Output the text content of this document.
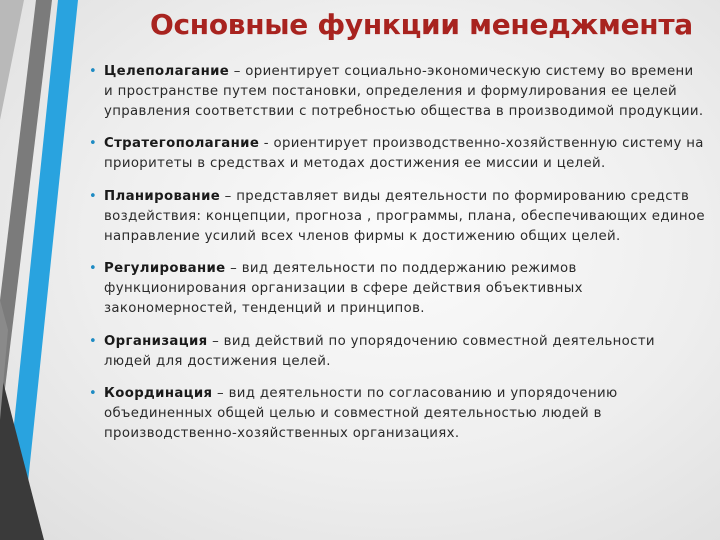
Основные функции менеджмента
• Целеполагание – ориентирует социально-экономическую систему во времени и пространстве путем постановки, определения и формулирования ее целей управления соответствии с потребностью общества в производимой продукции.
• Стратегополагание - ориентирует производственно-хозяйственную систему на приоритеты в средствах и методах достижения ее миссии и целей.
• Планирование – представляет виды деятельности по формированию средств воздействия: концепции, прогноза , программы, плана, обеспечивающих единое направление усилий всех членов фирмы к достижению общих целей.
• Регулирование – вид деятельности по поддержанию режимов функционирования организации в сфере действия объективных закономерностей, тенденций и принципов.
• Организация – вид действий по упорядочению совместной деятельности людей для достижения целей.
• Координация – вид деятельности по согласованию и упорядочению объединенных общей целью и совместной деятельностью людей в производственно-хозяйственных организациях.
